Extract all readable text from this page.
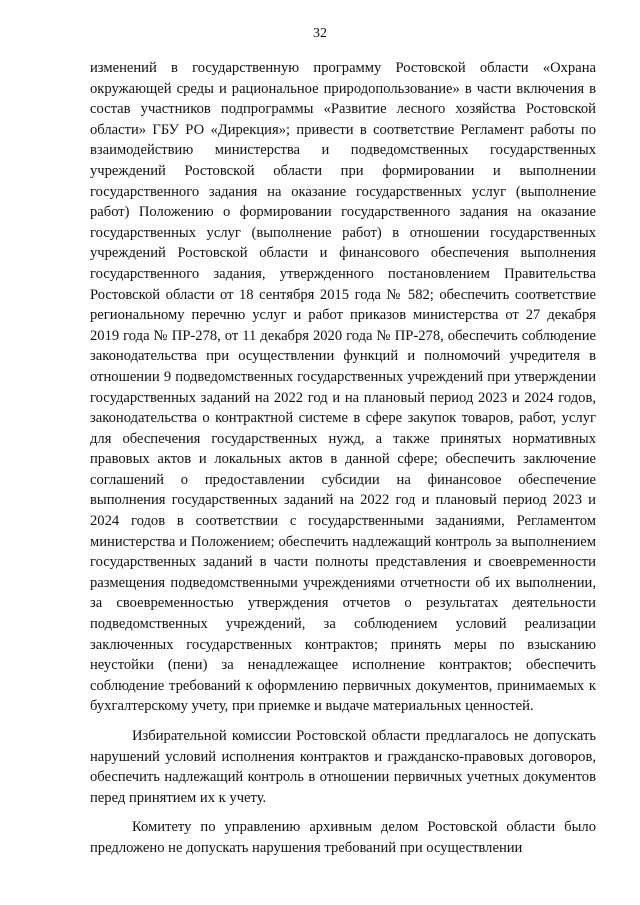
32

изменений в государственную программу Ростовской области «Охрана окружающей среды и рациональное природопользование» в части включения в состав участников подпрограммы «Развитие лесного хозяйства Ростовской области» ГБУ РО «Дирекция»; привести в соответствие Регламент работы по взаимодействию министерства и подведомственных государственных учреждений Ростовской области при формировании и выполнении государственного задания на оказание государственных услуг (выполнение работ) Положению о формировании государственного задания на оказание государственных услуг (выполнение работ) в отношении государственных учреждений Ростовской области и финансового обеспечения выполнения государственного задания, утвержденного постановлением Правительства Ростовской области от 18 сентября 2015 года № 582; обеспечить соответствие региональному перечню услуг и работ приказов министерства от 27 декабря 2019 года № ПР-278, от 11 декабря 2020 года № ПР-278, обеспечить соблюдение законодательства при осуществлении функций и полномочий учредителя в отношении 9 подведомственных государственных учреждений при утверждении государственных заданий на 2022 год и на плановый период 2023 и 2024 годов, законодательства о контрактной системе в сфере закупок товаров, работ, услуг для обеспечения государственных нужд, а также принятых нормативных правовых актов и локальных актов в данной сфере; обеспечить заключение соглашений о предоставлении субсидии на финансовое обеспечение выполнения государственных заданий на 2022 год и плановый период 2023 и 2024 годов в соответствии с государственными заданиями, Регламентом министерства и Положением; обеспечить надлежащий контроль за выполнением государственных заданий в части полноты представления и своевременности размещения подведомственными учреждениями отчетности об их выполнении, за своевременностью утверждения отчетов о результатах деятельности подведомственных учреждений, за соблюдением условий реализации заключенных государственных контрактов; принять меры по взысканию неустойки (пени) за ненадлежащее исполнение контрактов; обеспечить соблюдение требований к оформлению первичных документов, принимаемых к бухгалтерскому учету, при приемке и выдаче материальных ценностей.

Избирательной комиссии Ростовской области предлагалось не допускать нарушений условий исполнения контрактов и гражданско-правовых договоров, обеспечить надлежащий контроль в отношении первичных учетных документов перед принятием их к учету.

Комитету по управлению архивным делом Ростовской области было предложено не допускать нарушения требований при осуществлении
